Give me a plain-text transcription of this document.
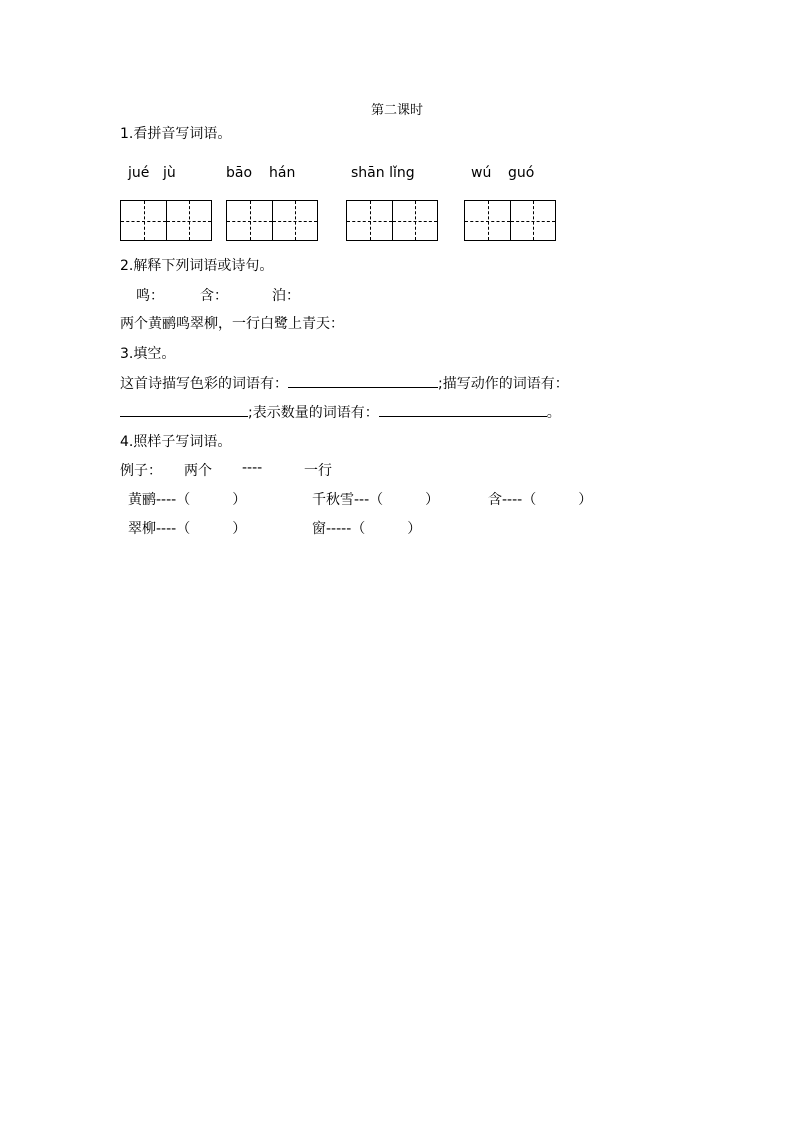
第二课时
1.看拼音写词语。
jué jù	bāo hán	shān lǐng	wú guó
2.解释下列词语或诗句。
鸣：	含：	泊：
两个黄鹂鸣翠柳，一行白鹭上青天：
3.填空。
这首诗描写色彩的词语有：	;描写动作的词语有：
;表示数量的词语有：	。
4.照样子写词语。
例子： 两个 ----	一行
黄鹂----（　　　）	千秋雪---（　　　）	含----（　　　）
翠柳----（　　　）	窗-----（　　　）
